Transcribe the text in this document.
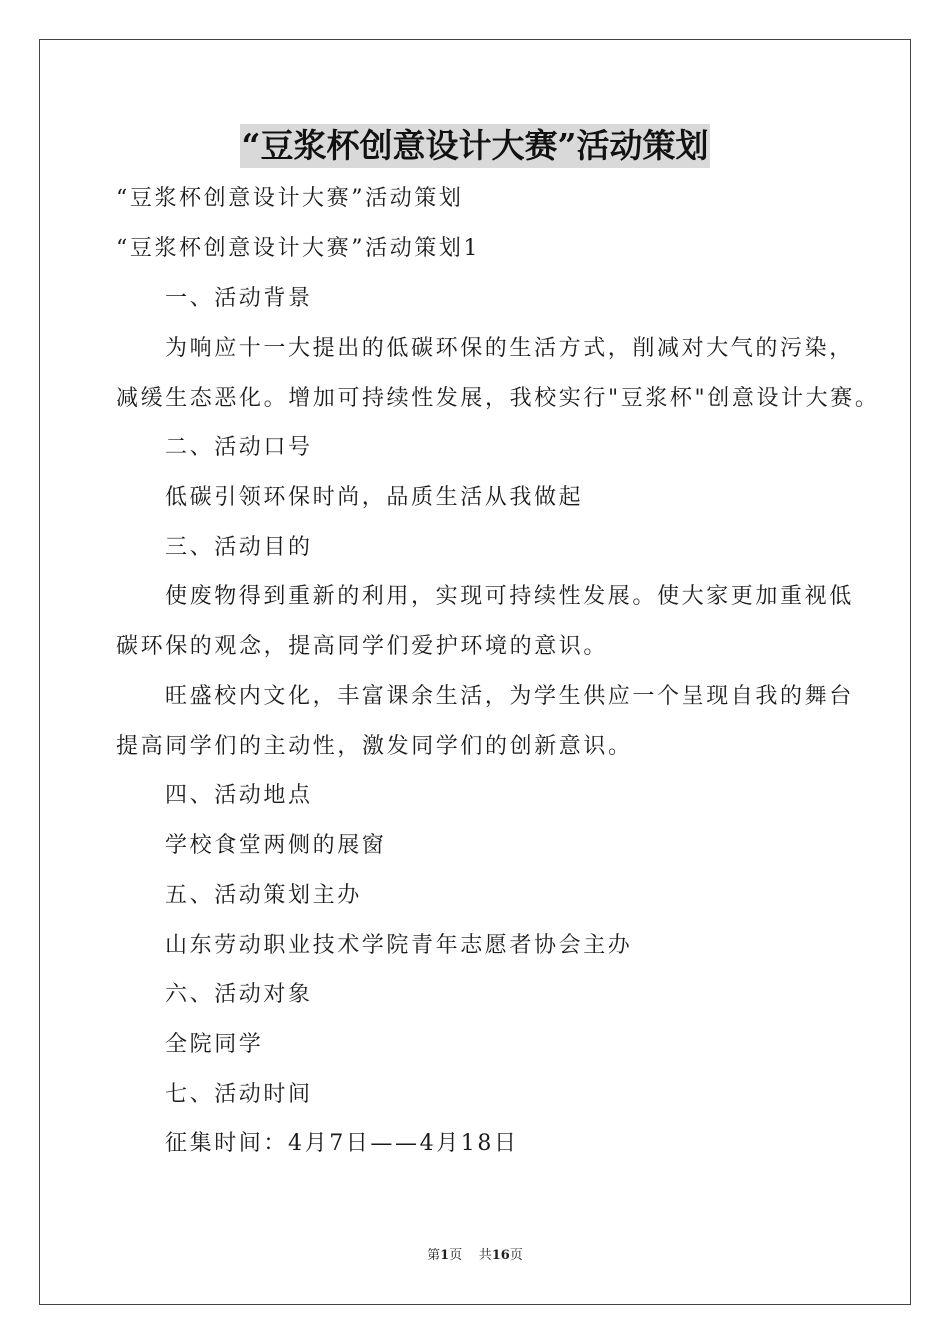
“豆浆杯创意设计大赛”活动策划
“豆浆杯创意设计大赛”活动策划
“豆浆杯创意设计大赛”活动策划1
一、活动背景
为响应十一大提出的低碳环保的生活方式，削减对大气的污染，
减缓生态恶化。增加可持续性发展，我校实行"豆浆杯"创意设计大赛。
二、活动口号
低碳引领环保时尚，品质生活从我做起
三、活动目的
使废物得到重新的利用，实现可持续性发展。使大家更加重视低
碳环保的观念，提高同学们爱护环境的意识。
旺盛校内文化，丰富课余生活，为学生供应一个呈现自我的舞台
提高同学们的主动性，激发同学们的创新意识。
四、活动地点
学校食堂两侧的展窗
五、活动策划主办
山东劳动职业技术学院青年志愿者协会主办
六、活动对象
全院同学
七、活动时间
征集时间：4月7日——4月18日
第1页 共16页
